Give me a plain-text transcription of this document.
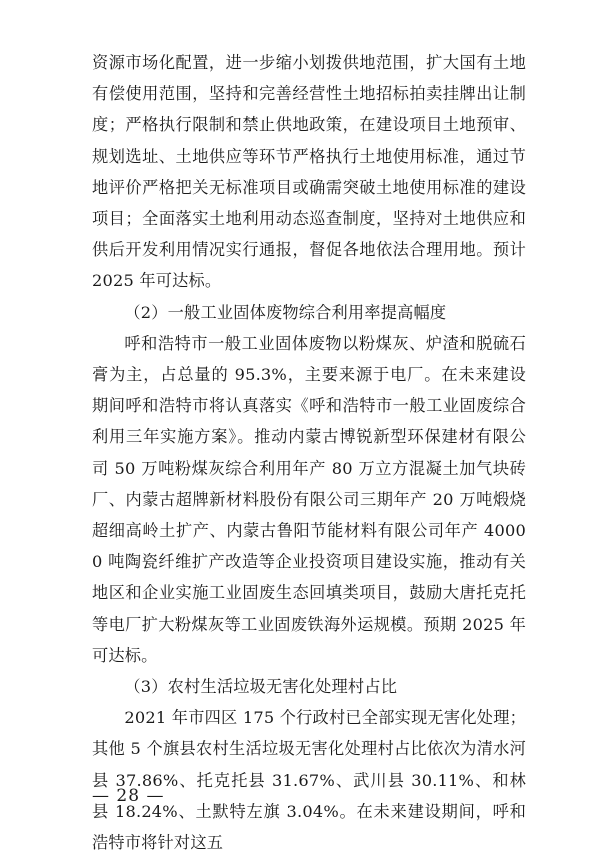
资源市场化配置，进一步缩小划拨供地范围，扩大国有土地有偿使用范围，坚持和完善经营性土地招标拍卖挂牌出让制度；严格执行限制和禁止供地政策，在建设项目土地预审、规划选址、土地供应等环节严格执行土地使用标准，通过节地评价严格把关无标准项目或确需突破土地使用标准的建设项目；全面落实土地利用动态巡查制度，坚持对土地供应和供后开发利用情况实行通报，督促各地依法合理用地。预计 2025 年可达标。

（2）一般工业固体废物综合利用率提高幅度

呼和浩特市一般工业固体废物以粉煤灰、炉渣和脱硫石膏为主，占总量的 95.3%，主要来源于电厂。在未来建设期间呼和浩特市将认真落实《呼和浩特市一般工业固废综合利用三年实施方案》。推动内蒙古博锐新型环保建材有限公司 50 万吨粉煤灰综合利用年产 80 万立方混凝土加气块砖厂、内蒙古超牌新材料股份有限公司三期年产 20 万吨煅烧超细高岭土扩产、内蒙古鲁阳节能材料有限公司年产 40000 吨陶瓷纤维扩产改造等企业投资项目建设实施，推动有关地区和企业实施工业固废生态回填类项目，鼓励大唐托克托等电厂扩大粉煤灰等工业固废铁海外运规模。预期 2025 年可达标。

（3）农村生活垃圾无害化处理村占比

2021 年市四区 175 个行政村已全部实现无害化处理；其他 5 个旗县农村生活垃圾无害化处理村占比依次为清水河县 37.86%、托克托县 31.67%、武川县 30.11%、和林县 18.24%、土默特左旗 3.04%。在未来建设期间，呼和浩特市将针对这五

— 28 —
